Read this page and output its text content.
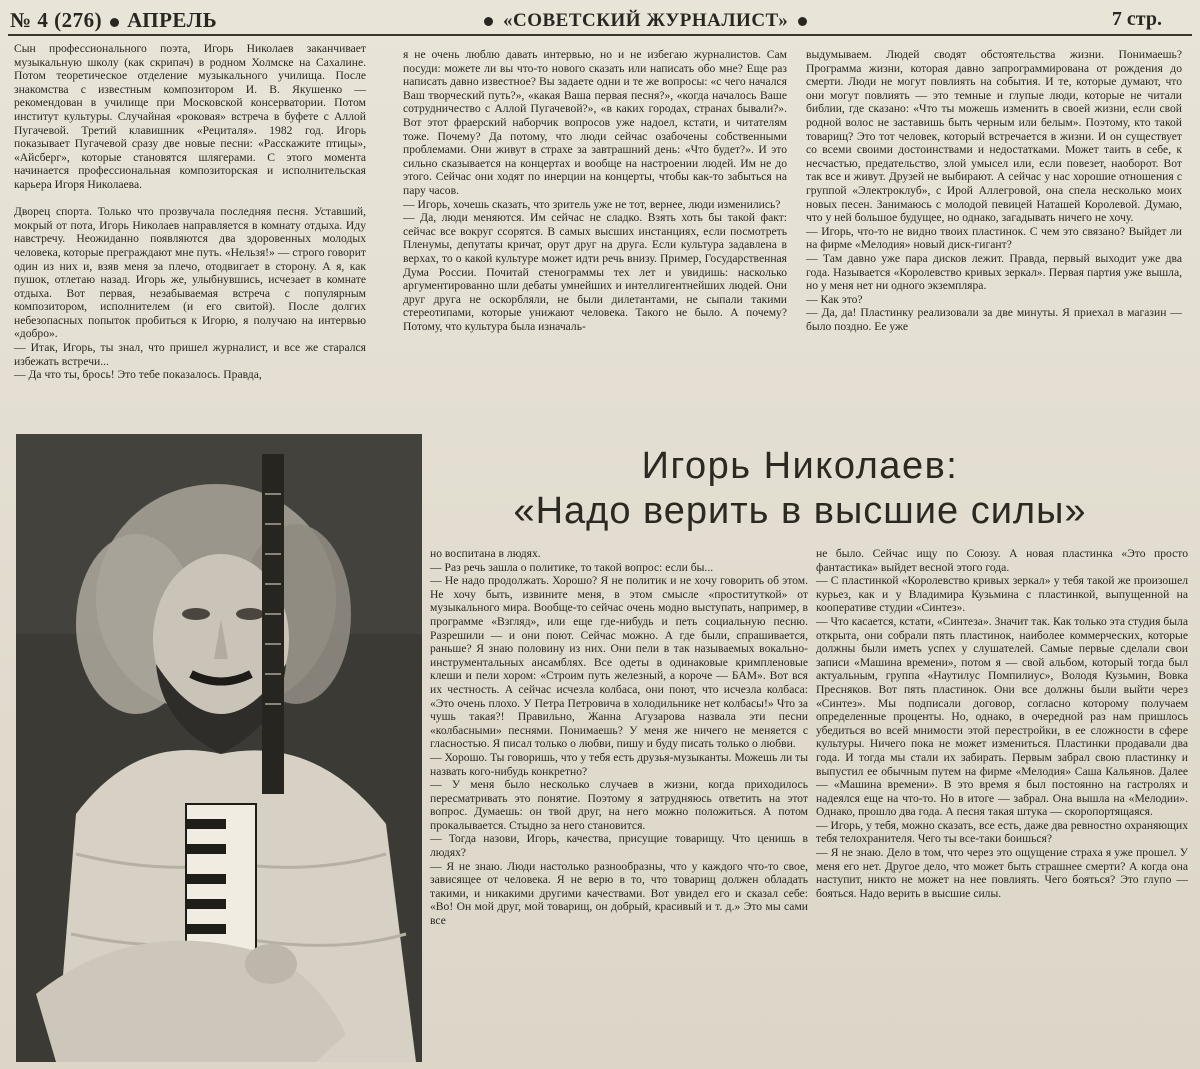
№ 4 (276) АПРЕЛЬ	«СОВЕТСКИЙ ЖУРНАЛИСТ»	7 стр.
Сын профессионального поэта, Игорь Николаев заканчивает музыкальную школу (как скрипач) в родном Холмске на Сахалине. Потом теоретическое отделение музыкального училища. После знакомства с известным композитором И. В. Якушенко — рекомендован в училище при Московской консерватории. Потом институт культуры. Случайная «роковая» встреча в буфете с Аллой Пугачевой. Третий клавишник «Рециталя». 1982 год. Игорь показывает Пугачевой сразу две новые песни: «Расскажите птицы», «Айсберг», которые становятся шлягерами. С этого момента начинается профессиональная композиторская и исполнительская карьера Игоря Николаева.

Дворец спорта. Только что прозвучала последняя песня. Уставший, мокрый от пота, Игорь Николаев направляется в комнату отдыха. Иду навстречу. Неожиданно появляются два здоровенных молодых человека, которые преграждают мне путь. «Нельзя!» — строго говорит один из них и, взяв меня за плечо, отодвигает в сторону. А я, как пушок, отлетаю назад. Игорь же, улыбнувшись, исчезает в комнате отдыха. Вот первая, незабываемая встреча с популярным композитором, исполнителем (и его свитой). После долгих небезопасных попыток пробиться к Игорю, я получаю на интервью «добро».
— Итак, Игорь, ты знал, что пришел журналист, и все же старался избежать встречи...
— Да что ты, брось! Это тебе показалось. Правда,
я не очень люблю давать интервью, но и не избегаю журналистов. Сам посуди: можете ли вы что-то нового сказать или написать обо мне? Еще раз написать давно известное? Вы задаете одни и те же вопросы: «с чего начался Ваш творческий путь?», «какая Ваша первая песня?», «когда началось Ваше сотрудничество с Аллой Пугачевой?», «в каких городах, странах бывали?». Вот этот фраерский наборчик вопросов уже надоел, кстати, и читателям тоже. Почему? Да потому, что люди сейчас озабочены собственными проблемами. Они живут в страхе за завтрашний день: «Что будет?». И это сильно сказывается на концертах и вообще на настроении людей. Им не до этого. Сейчас они ходят по инерции на концерты, чтобы как-то забыться на пару часов.
— Игорь, хочешь сказать, что зритель уже не тот, вернее, люди изменились?
— Да, люди меняются. Им сейчас не сладко. Взять хоть бы такой факт: сейчас все вокруг ссорятся. В самых высших инстанциях, если посмотреть Пленумы, депутаты кричат, орут друг на друга. Если культура задавлена в верхах, то о какой культуре может идти речь внизу. Пример, Государственная Дума России. Почитай стенограммы тех лет и увидишь: насколько аргументированно шли дебаты умнейших и интеллигентнейших людей. Они друг друга не оскорбляли, не были дилетантами, не сыпали такими стереотипами, которые унижают человека. Такого не было. А почему? Потому, что культура была изначаль-
выдумываем. Людей сводят обстоятельства жизни. Понимаешь? Программа жизни, которая давно запрограммирована от рождения до смерти. Люди не могут повлиять на события. И те, которые думают, что они могут повлиять — это темные и глупые люди, которые не читали библии, где сказано: «Что ты можешь изменить в своей жизни, если свой родной волос не заставишь быть черным или белым». Поэтому, кто такой товарищ? Это тот человек, который встречается в жизни. И он существует со всеми своими достоинствами и недостатками. Может таить в себе, к несчастью, предательство, злой умысел или, если повезет, наоборот. Вот так все и живут. Друзей не выбирают. А сейчас у нас хорошие отношения с группой «Электроклуб», с Ирой Аллегровой, она спела несколько моих новых песен. Занимаюсь с молодой певицей Наташей Королевой. Думаю, что у ней большое будущее, но однако, загадывать ничего не хочу.
— Игорь, что-то не видно твоих пластинок. С чем это связано? Выйдет ли на фирме «Мелодия» новый диск-гигант?
— Там давно уже пара дисков лежит. Правда, первый выходит уже два года. Называется «Королевство кривых зеркал». Первая партия уже вышла, но у меня нет ни одного экземпляра.
— Как это?
— Да, да! Пластинку реализовали за две минуты. Я приехал в магазин — было поздно. Ее уже
Игорь Николаев:
«Надо верить в высшие силы»
но воспитана в людях.
— Раз речь зашла о политике, то такой вопрос: если бы...
— Не надо продолжать. Хорошо? Я не политик и не хочу говорить об этом. Не хочу быть, извините меня, в этом смысле «проституткой» от музыкального мира. Вообще-то сейчас очень модно выступать, например, в программе «Взгляд», или еще где-нибудь и петь социальную песню. Разрешили — и они поют. Сейчас можно. А где были, спрашивается, раньше? Я знаю половину из них. Они пели в так называемых вокально-инструментальных ансамблях. Все одеты в одинаковые кримпленовые клеши и пели хором: «Строим путь железный, а короче — БАМ». Вот вся их честность. А сейчас исчезла колбаса, они поют, что исчезла колбаса: «Это очень плохо. У Петра Петровича в холодильнике нет колбасы!» Что за чушь такая?! Правильно, Жанна Агузарова назвала эти песни «колбасными» песнями. Понимаешь? У меня же ничего не меняется с гласностью. Я писал только о любви, пишу и буду писать только о любви.
— Хорошо. Ты говоришь, что у тебя есть друзья-музыканты. Можешь ли ты назвать кого-нибудь конкретно?
— У меня было несколько случаев в жизни, когда приходилось пересматривать это понятие. Поэтому я затрудняюсь ответить на этот вопрос. Думаешь: он твой друг, на него можно положиться. А потом прокалывается. Стыдно за него становится.
— Тогда назови, Игорь, качества, присущие товарищу. Что ценишь в людях?
— Я не знаю. Люди настолько разнообразны, что у каждого что-то свое, зависящее от человека. Я не верю в то, что товарищ должен обладать такими, и никакими другими качествами. Вот увидел его и сказал себе: «Во! Он мой друг, мой товарищ, он добрый, красивый и т. д.» Это мы сами все
не было. Сейчас ищу по Союзу. А новая пластинка «Это просто фантастика» выйдет весной этого года.
— С пластинкой «Королевство кривых зеркал» у тебя такой же произошел курьез, как и у Владимира Кузьмина с пластинкой, выпущенной на кооперативе студии «Синтез».
— Что касается, кстати, «Синтеза». Значит так. Как только эта студия была открыта, они собрали пять пластинок, наиболее коммерческих, которые должны были иметь успех у слушателей. Самые первые сделали свои записи «Машина времени», потом я — свой альбом, который тогда был актуальным, группа «Наутилус Помпилиус», Володя Кузьмин, Вовка Пресняков. Вот пять пластинок. Они все должны были выйти через «Синтез». Мы подписали договор, согласно которому получаем определенные проценты. Но, однако, в очередной раз нам пришлось убедиться во всей мнимости этой перестройки, в ее сложности в сфере культуры. Ничего пока не может измениться. Пластинки продавали два года. И тогда мы стали их забирать. Первым забрал свою пластинку и выпустил ее обычным путем на фирме «Мелодия» Саша Кальянов. Далее — «Машина времени». В это время я был постоянно на гастролях и надеялся еще на что-то. Но в итоге — забрал. Она вышла на «Мелодии». Однако, прошло два года. А песня такая штука — скоропортящаяся.
— Игорь, у тебя, можно сказать, все есть, даже два ревностно охраняющих тебя телохранителя. Чего ты все-таки боишься?
— Я не знаю. Дело в том, что через это ощущение страха я уже прошел. У меня его нет. Другое дело, что может быть страшнее смерти? А когда она наступит, никто не может на нее повлиять. Чего бояться? Это глупо — бояться. Надо верить в высшие силы.
